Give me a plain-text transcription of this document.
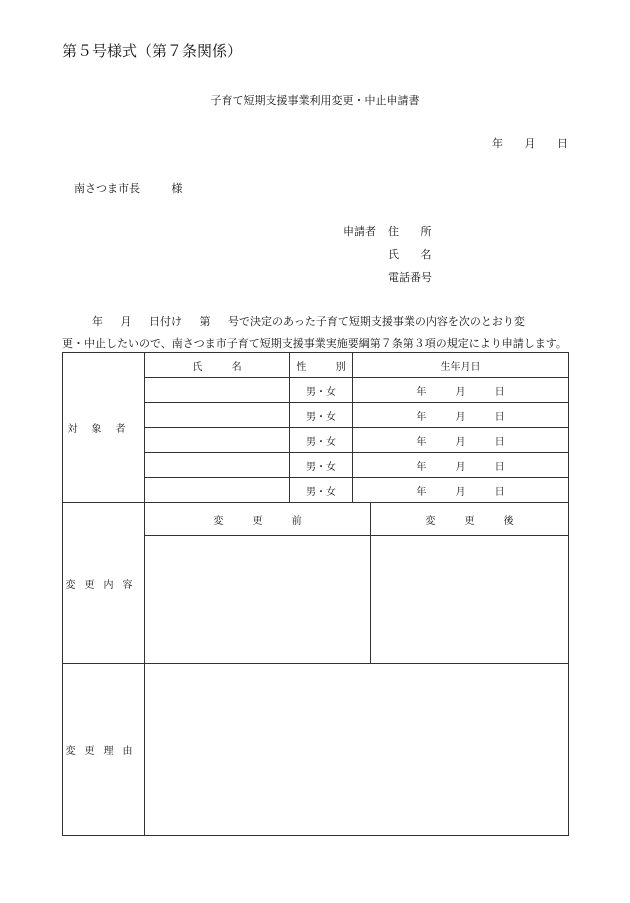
第５号様式（第７条関係）
子育て短期支援事業利用変更・中止申請書
年 月 日
南さつま市長 様
申請者 住 所
氏 名
電話番号
年 月 日付け 第 号で決定のあった子育て短期支援事業の内容を次のとおり変
更・中止したいので、南さつま市子育て短期支援事業実施要綱第７条第３項の規定により申請します。
対象者	氏 名	性 別	生年月日	
		男・女	年 月 日	
		男・女	年 月 日	
		男・女	年 月 日	
		男・女	年 月 日	
		男・女	年 月 日	
変更内容	変 更 前			変 更 後

変更理由				
